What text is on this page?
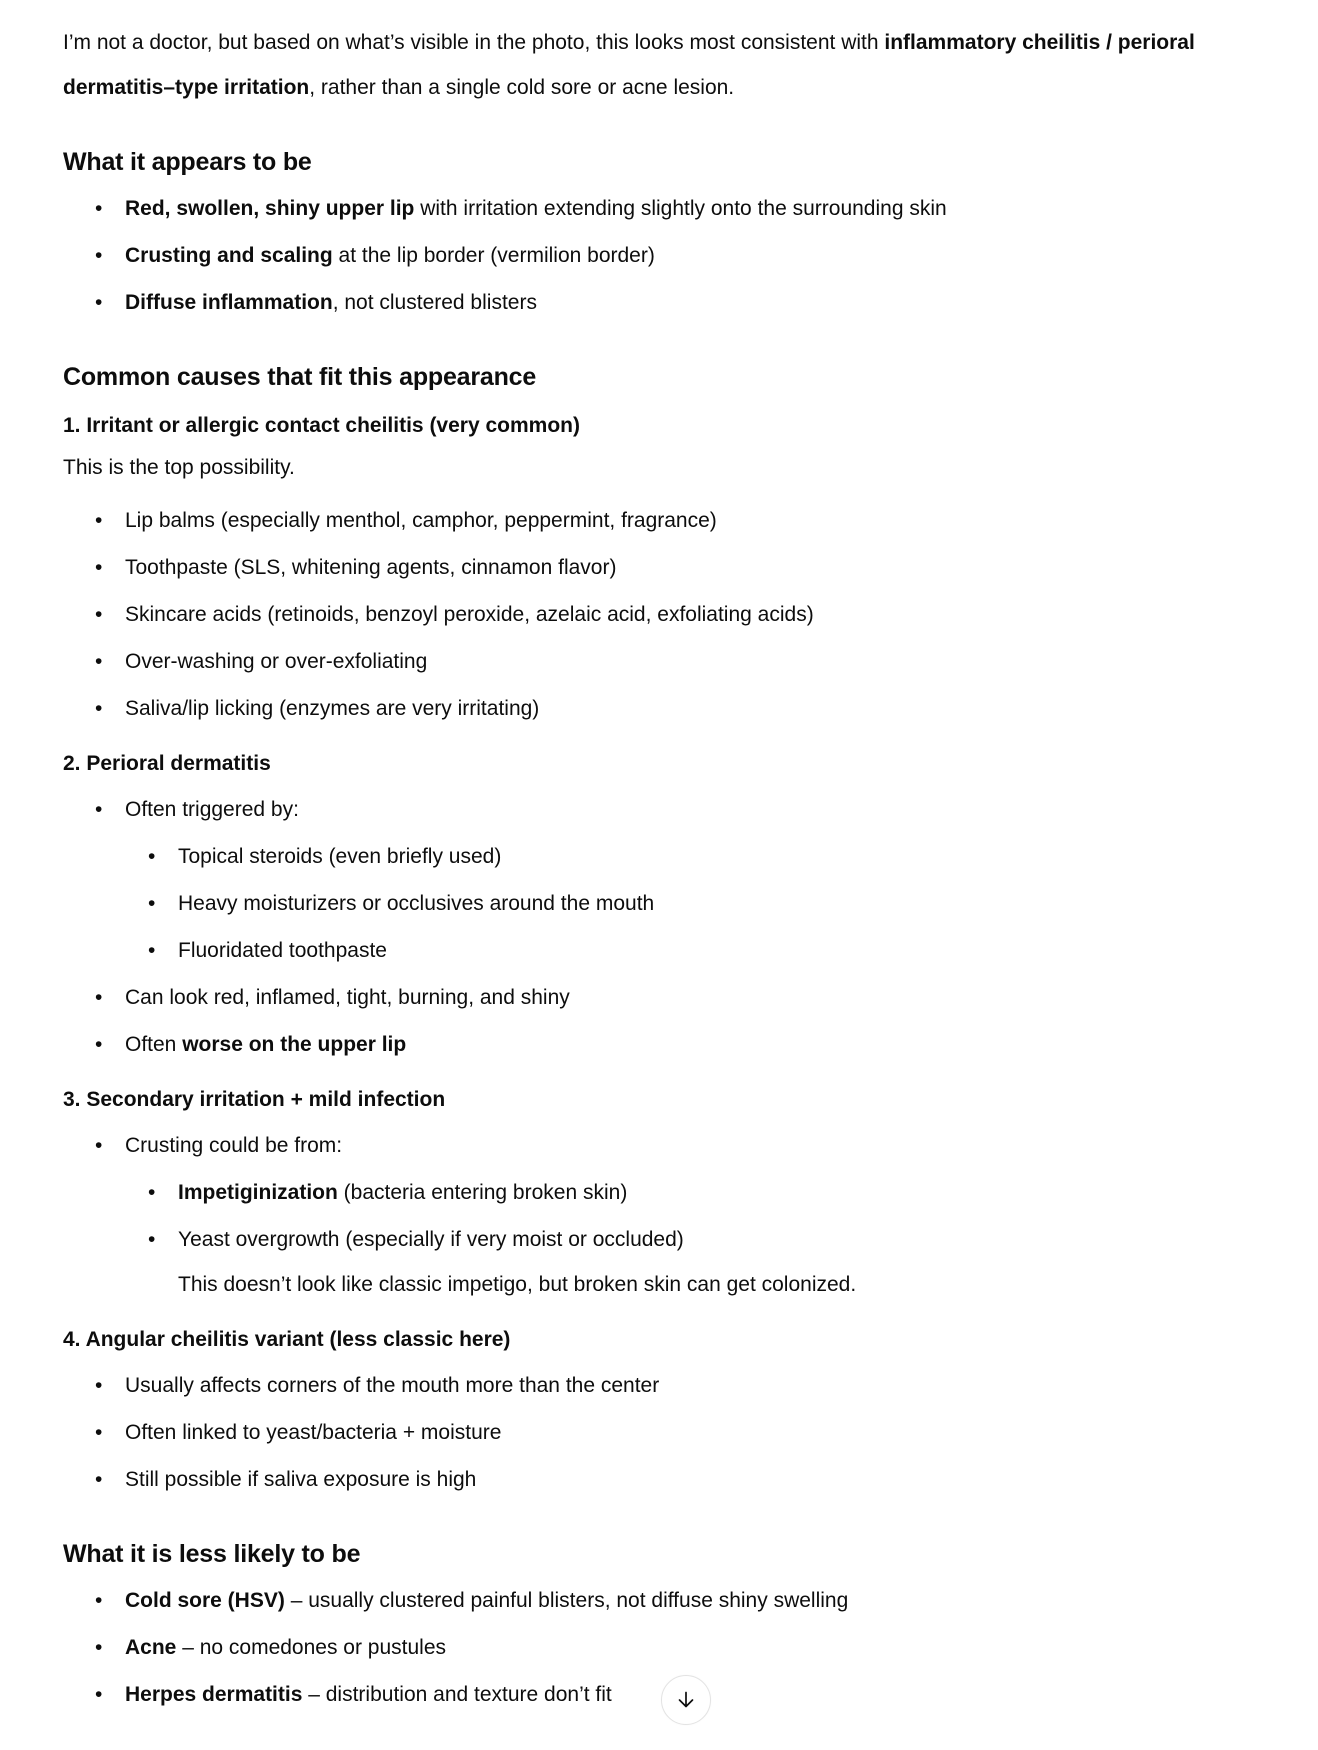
I’m not a doctor, but based on what’s visible in the photo, this looks most consistent with inflammatory cheilitis / perioral dermatitis–type irritation, rather than a single cold sore or acne lesion.

What it appears to be
• Red, swollen, shiny upper lip with irritation extending slightly onto the surrounding skin
• Crusting and scaling at the lip border (vermilion border)
• Diffuse inflammation, not clustered blisters
Common causes that fit this appearance
1. Irritant or allergic contact cheilitis (very common)

This is the top possibility.

• Lip balms (especially menthol, camphor, peppermint, fragrance)
• Toothpaste (SLS, whitening agents, cinnamon flavor)
• Skincare acids (retinoids, benzoyl peroxide, azelaic acid, exfoliating acids)
• Over-washing or over-exfoliating
• Saliva/lip licking (enzymes are very irritating)
2. Perioral dermatitis
• Often triggered by:
• Topical steroids (even briefly used)
• Heavy moisturizers or occlusives around the mouth
• Fluoridated toothpaste
• Can look red, inflamed, tight, burning, and shiny
• Often worse on the upper lip
3. Secondary irritation + mild infection
• Crusting could be from:
• Impetiginization (bacteria entering broken skin)
• Yeast overgrowth (especially if very moist or occluded)

This doesn’t look like classic impetigo, but broken skin can get colonized.

4. Angular cheilitis variant (less classic here)
• Usually affects corners of the mouth more than the center
• Often linked to yeast/bacteria + moisture
• Still possible if saliva exposure is high
What it is less likely to be
• Cold sore (HSV) – usually clustered painful blisters, not diffuse shiny swelling
• Acne – no comedones or pustules
• Herpes dermatitis – distribution and texture don’t fit
